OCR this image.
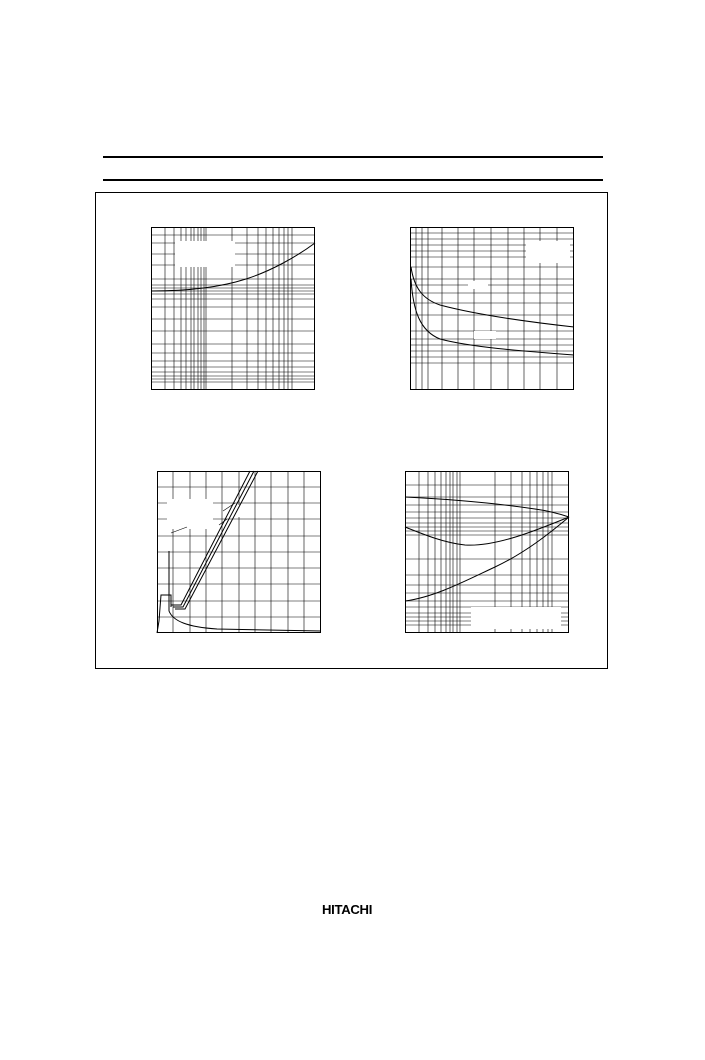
HITACHI
